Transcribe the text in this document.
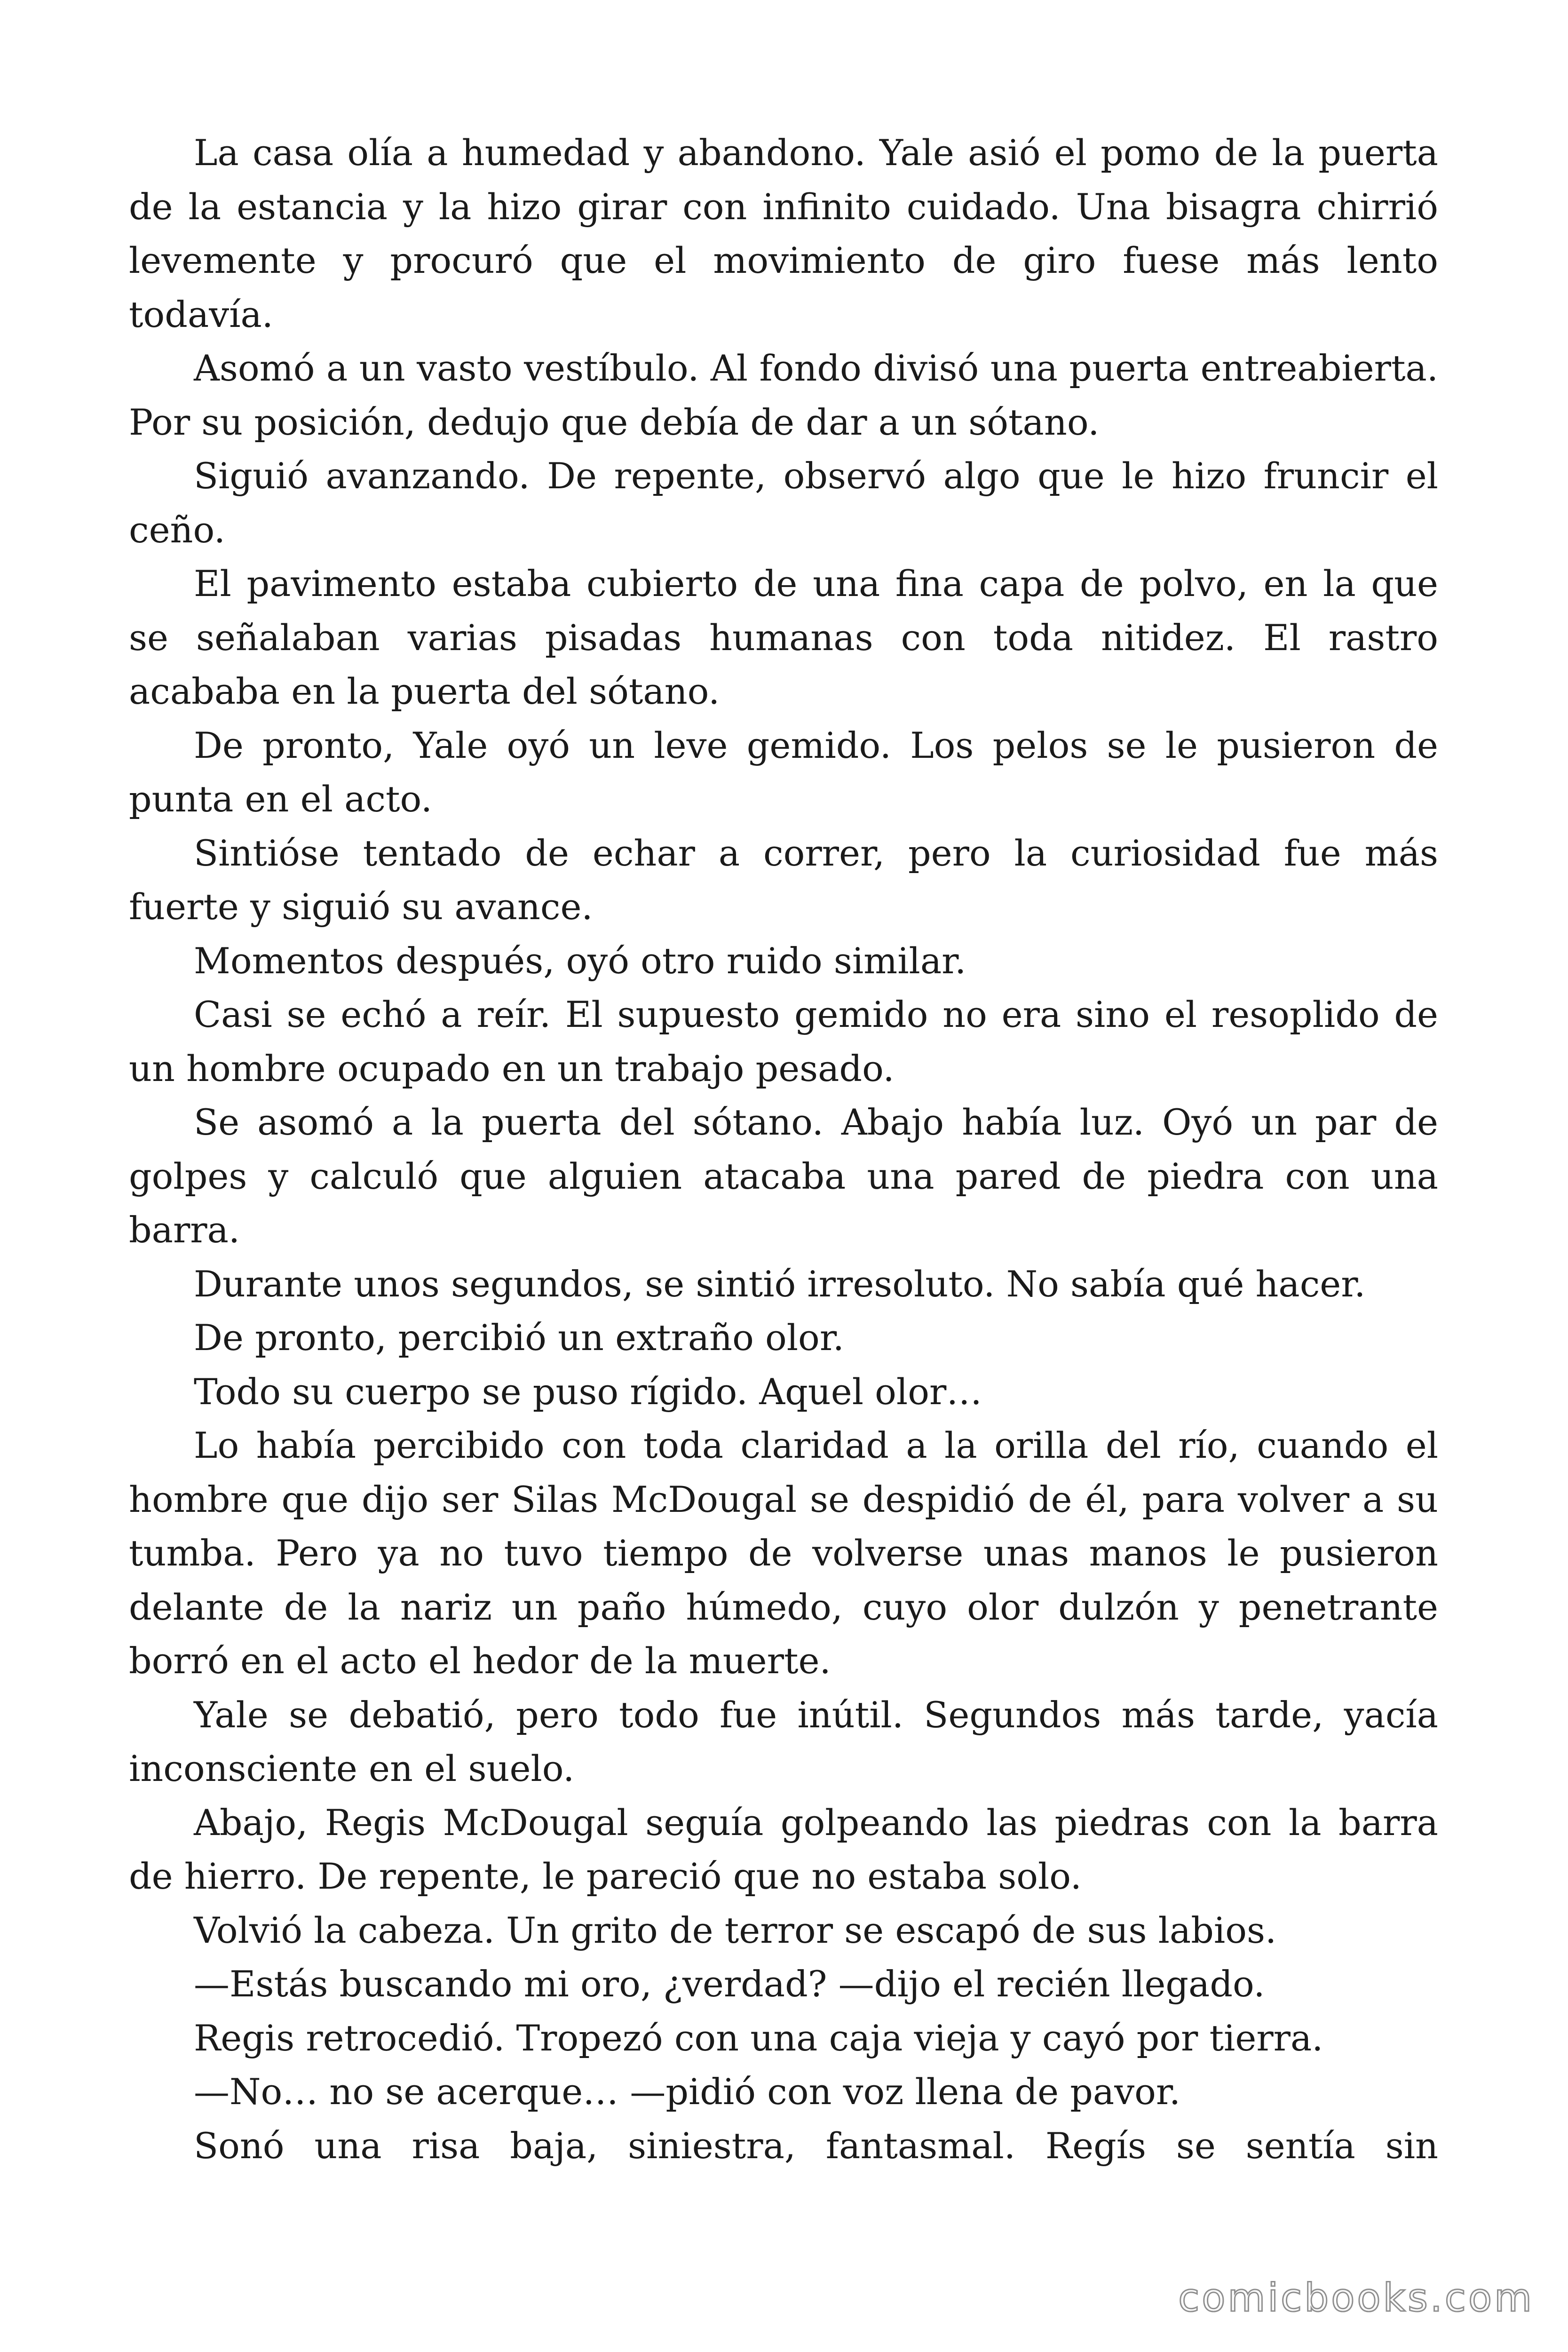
La casa olía a humedad y abandono. Yale asió el pomo de la puerta de la estancia y la hizo girar con infinito cuidado. Una bisagra chirrió levemente y procuró que el movimiento de giro fuese más lento todavía.

Asomó a un vasto vestíbulo. Al fondo divisó una puerta entreabierta. Por su posición, dedujo que debía de dar a un sótano.

Siguió avanzando. De repente, observó algo que le hizo fruncir el ceño.

El pavimento estaba cubierto de una fina capa de polvo, en la que se señalaban varias pisadas humanas con toda nitidez. El rastro acababa en la puerta del sótano.

De pronto, Yale oyó un leve gemido. Los pelos se le pusieron de punta en el acto.

Sintióse tentado de echar a correr, pero la curiosidad fue más fuerte y siguió su avance.

Momentos después, oyó otro ruido similar.

Casi se echó a reír. El supuesto gemido no era sino el resoplido de un hombre ocupado en un trabajo pesado.

Se asomó a la puerta del sótano. Abajo había luz. Oyó un par de golpes y calculó que alguien atacaba una pared de piedra con una barra.

Durante unos segundos, se sintió irresoluto. No sabía qué hacer.

De pronto, percibió un extraño olor.

Todo su cuerpo se puso rígido. Aquel olor…

Lo había percibido con toda claridad a la orilla del río, cuando el hombre que dijo ser Silas McDougal se despidió de él, para volver a su tumba. Pero ya no tuvo tiempo de volverse unas manos le pusieron delante de la nariz un paño húmedo, cuyo olor dulzón y penetrante borró en el acto el hedor de la muerte.

Yale se debatió, pero todo fue inútil. Segundos más tarde, yacía inconsciente en el suelo.

Abajo, Regis McDougal seguía golpeando las piedras con la barra de hierro. De repente, le pareció que no estaba solo.

Volvió la cabeza. Un grito de terror se escapó de sus labios.

—Estás buscando mi oro, ¿verdad? —dijo el recién llegado.

Regis retrocedió. Tropezó con una caja vieja y cayó por tierra.

—No… no se acerque… —pidió con voz llena de pavor.

Sonó una risa baja, siniestra, fantasmal. Regís se sentía sin

comicbooks.com
